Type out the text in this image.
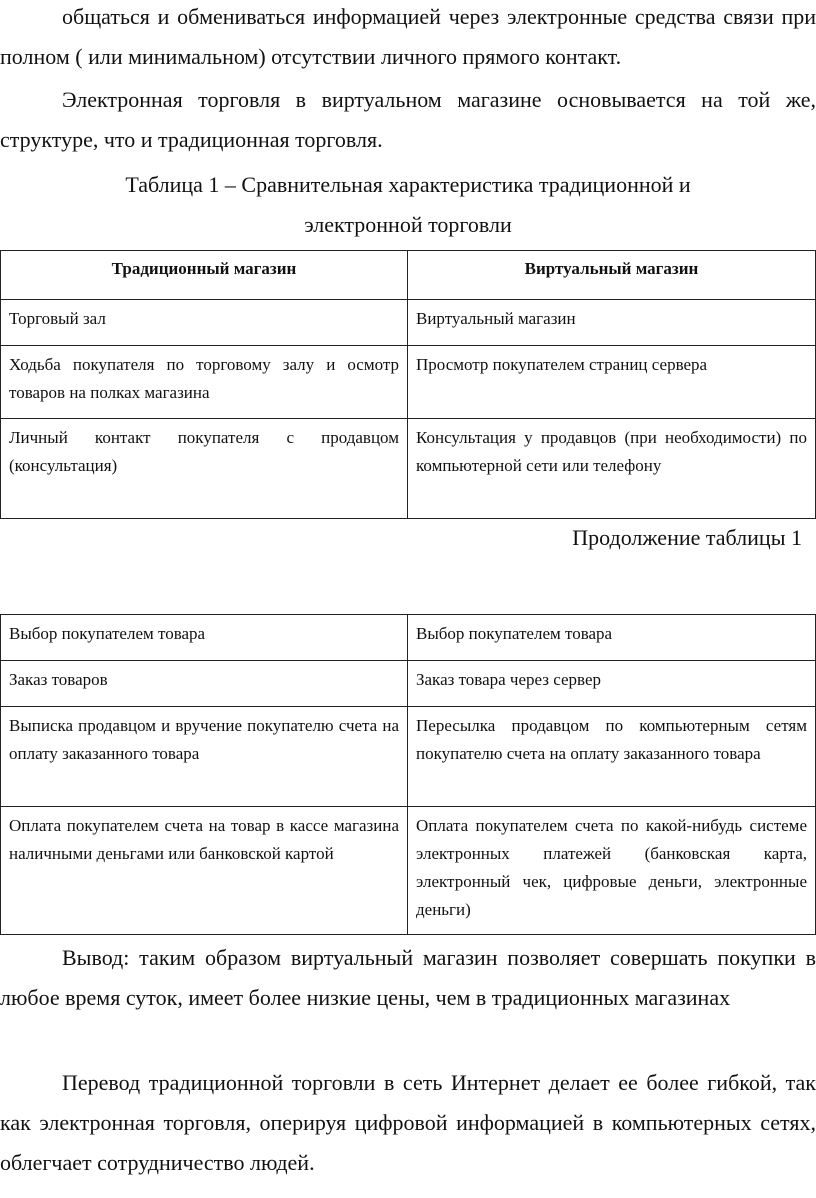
общаться и обмениваться информацией через электронные средства связи при полном ( или минимальном) отсутствии личного прямого контакт.

Электронная торговля в виртуальном магазине основывается на той же, структуре, что и традиционная торговля.

Таблица 1 – Сравнительная характеристика традиционной и

электронной торговли

Традиционный магазин	Виртуальный магазин
Торговый зал	Виртуальный магазин
Ходьба покупателя по торговому залу и осмотр товаров на полках магазина	Просмотр покупателем страниц сервера
Личный контакт покупателя с продавцом (консультация)	Консультация у продавцов (при необходимости) по компьютерной сети или телефону

Продолжение таблицы 1

Выбор покупателем товара	Выбор покупателем товара
Заказ товаров	Заказ товара через сервер
Выписка продавцом и вручение покупателю счета на оплату заказанного товара	Пересылка продавцом по компьютерным сетям покупателю счета на оплату заказанного товара
Оплата покупателем счета на товар в кассе магазина наличными деньгами или банковской картой	Оплата покупателем счета по какой-нибудь системе электронных платежей (банковская карта, электронный чек, цифровые деньги, электронные деньги)

Вывод: таким образом виртуальный магазин позволяет совершать покупки в любое время суток, имеет более низкие цены, чем в традиционных магазинах

Перевод традиционной торговли в сеть Интернет делает ее более гибкой, так как электронная торговля, оперируя цифровой информацией в компьютерных сетях, облегчает сотрудничество людей.
